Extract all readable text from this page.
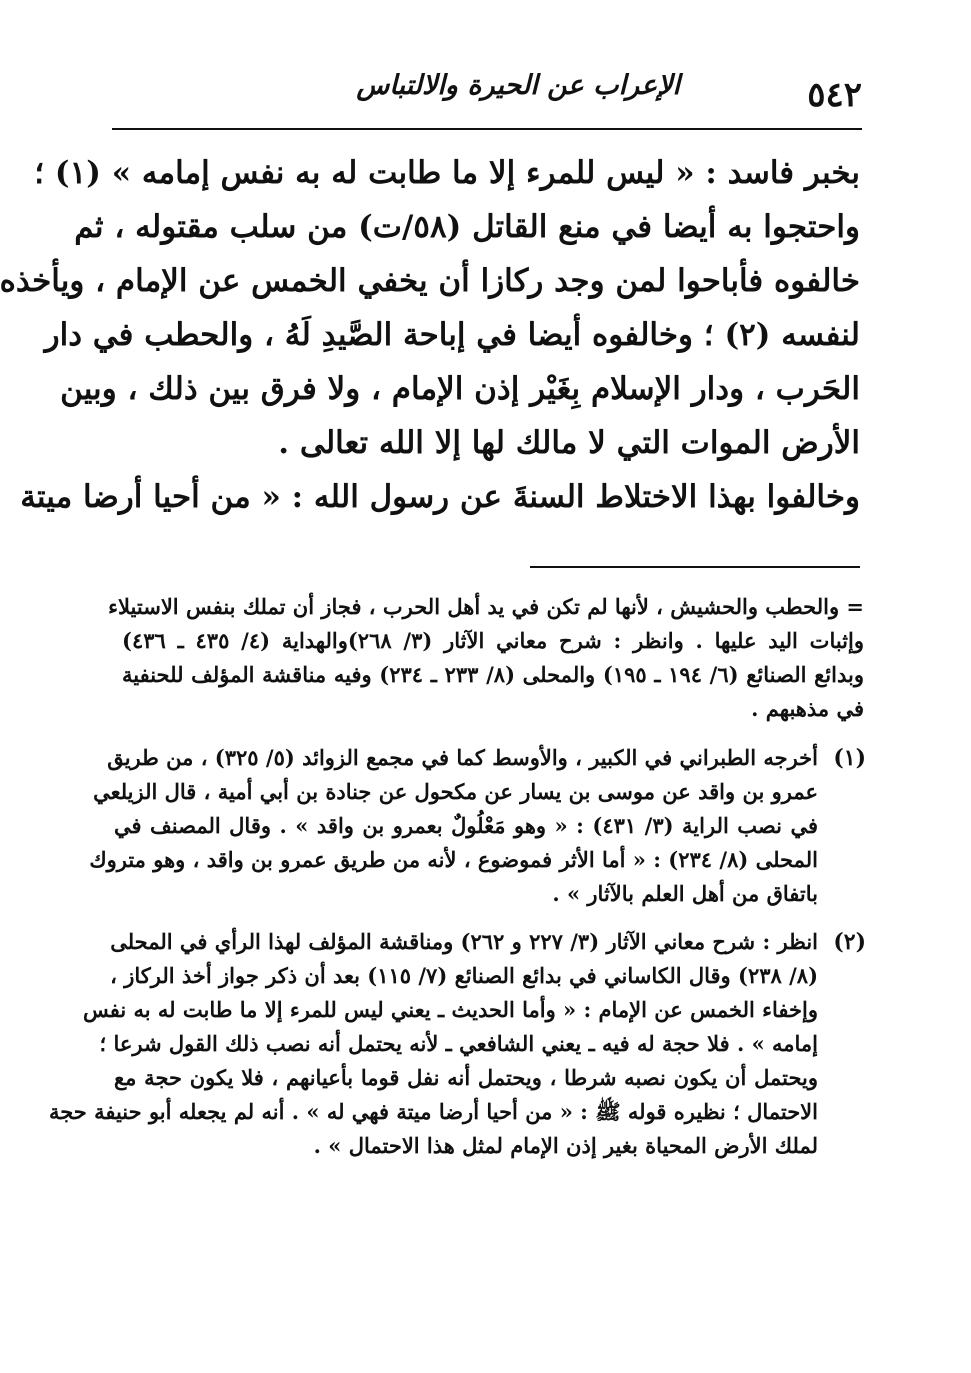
٥٤٢
الإعراب عن الحيرة والالتباس
بخبر فاسد : « ليس للمرء إلا ما طابت له به نفس إمامه » (١) ؛
واحتجوا به أيضا في منع القاتل (٥٨/ت) من سلب مقتوله ، ثم
خالفوه فأباحوا لمن وجد ركازا أن يخفي الخمس عن الإمام ، ويأخذه
لنفسه (٢) ؛ وخالفوه أيضا في إباحة الصَّيدِ لَهُ ، والحطب في دار
الحَرب ، ودار الإسلام بِغَيْر إذن الإمام ، ولا فرق بين ذلك ، وبين
الأرض الموات التي لا مالك لها إلا الله تعالى .
وخالفوا بهذا الاختلاط السنةَ عن رسول الله : « من أحيا أرضا ميتة
= والحطب والحشيش ، لأنها لم تكن في يد أهل الحرب ، فجاز أن تملك بنفس الاستيلاء
وإثبات اليد عليها . وانظر : شرح معاني الآثار (٣/ ٢٦٨)والهداية (٤/ ٤٣٥ ـ ٤٣٦)
وبدائع الصنائع (٦/ ١٩٤ ـ ١٩٥) والمحلى (٨/ ٢٣٣ ـ ٢٣٤) وفيه مناقشة المؤلف للحنفية
في مذهبهم .
(١)
أخرجه الطبراني في الكبير ، والأوسط كما في مجمع الزوائد (٥/ ٣٢٥) ، من طريق
عمرو بن واقد عن موسى بن يسار عن مكحول عن جنادة بن أبي أمية ، قال الزيلعي
في نصب الراية (٣/ ٤٣١) : « وهو مَعْلُولٌ بعمرو بن واقد » . وقال المصنف في
المحلى (٨/ ٢٣٤) : « أما الأثر فموضوع ، لأنه من طريق عمرو بن واقد ، وهو متروك
باتفاق من أهل العلم بالآثار » .
(٢)
انظر : شرح معاني الآثار (٣/ ٢٢٧ و ٢٦٢) ومناقشة المؤلف لهذا الرأي في المحلى
(٨/ ٢٣٨) وقال الكاساني في بدائع الصنائع (٧/ ١١٥) بعد أن ذكر جواز أخذ الركاز ،
وإخفاء الخمس عن الإمام : « وأما الحديث ـ يعني ليس للمرء إلا ما طابت له به نفس
إمامه » . فلا حجة له فيه ـ يعني الشافعي ـ لأنه يحتمل أنه نصب ذلك القول شرعا ؛
ويحتمل أن يكون نصبه شرطا ، ويحتمل أنه نفل قوما بأعيانهم ، فلا يكون حجة مع
الاحتمال ؛ نظيره قوله ﷺ : « من أحيا أرضا ميتة فهي له » . أنه لم يجعله أبو حنيفة حجة
لملك الأرض المحياة بغير إذن الإمام لمثل هذا الاحتمال » .
